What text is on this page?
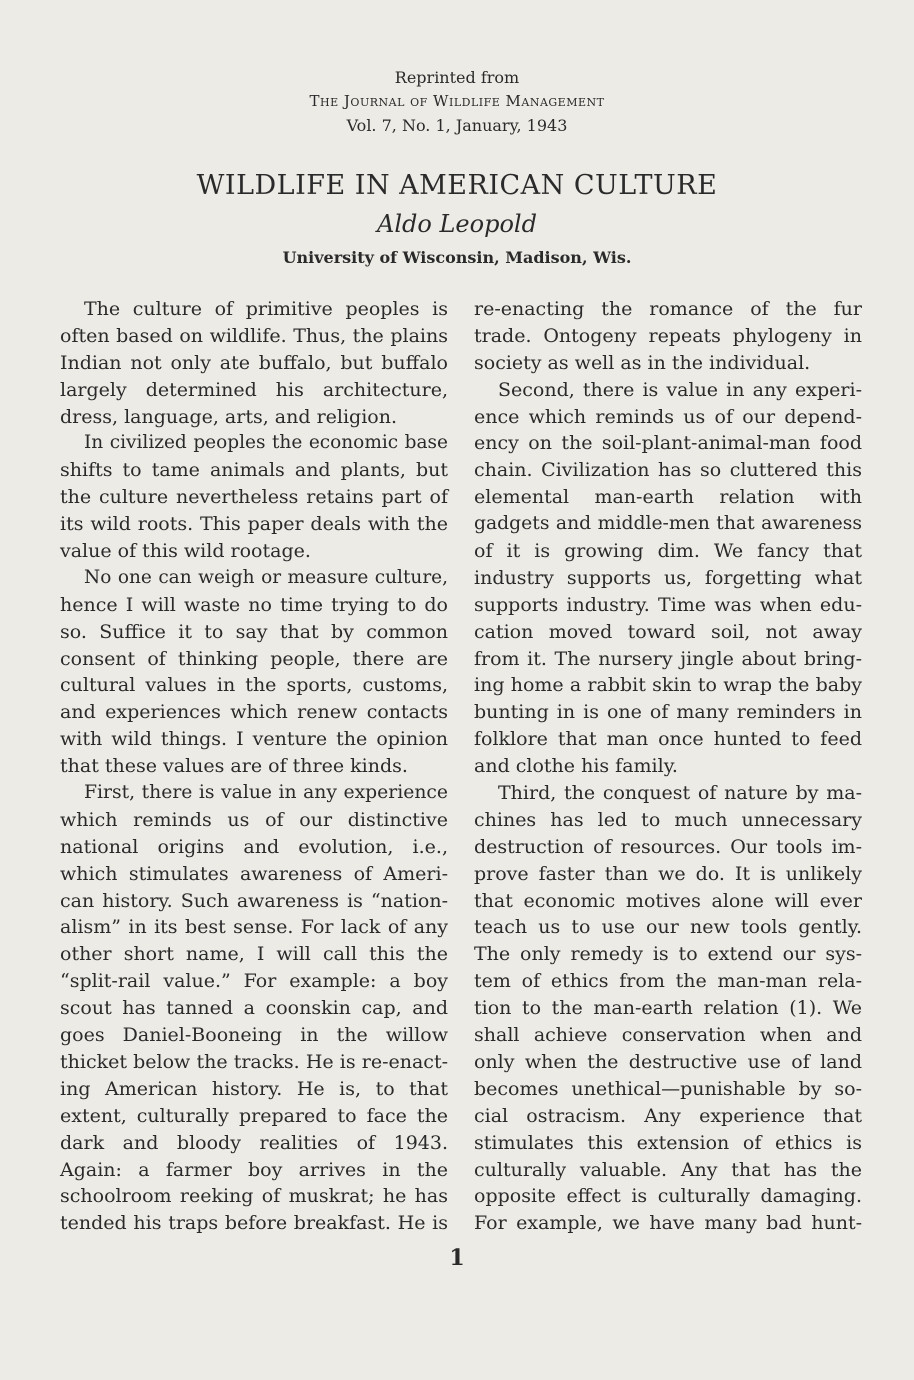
Reprinted from
The Journal of Wildlife Management
Vol. 7, No. 1, January, 1943
WILDLIFE IN AMERICAN CULTURE
Aldo Leopold
University of Wisconsin, Madison, Wis.
The culture of primitive peoples is
often based on wildlife. Thus, the plains
Indian not only ate buffalo, but buffalo
largely determined his architecture,
dress, language, arts, and religion.
In civilized peoples the economic base
shifts to tame animals and plants, but
the culture nevertheless retains part of
its wild roots. This paper deals with the
value of this wild rootage.
No one can weigh or measure culture,
hence I will waste no time trying to do
so. Suffice it to say that by common
consent of thinking people, there are
cultural values in the sports, customs,
and experiences which renew contacts
with wild things. I venture the opinion
that these values are of three kinds.
First, there is value in any experience
which reminds us of our distinctive
national origins and evolution, i.e.,
which stimulates awareness of Ameri-
can history. Such awareness is “nation-
alism” in its best sense. For lack of any
other short name, I will call this the
“split-rail value.” For example: a boy
scout has tanned a coonskin cap, and
goes Daniel-Booneing in the willow
thicket below the tracks. He is re-enact-
ing American history. He is, to that
extent, culturally prepared to face the
dark and bloody realities of 1943.
Again: a farmer boy arrives in the
schoolroom reeking of muskrat; he has
tended his traps before breakfast. He is
re-enacting the romance of the fur
trade. Ontogeny repeats phylogeny in
society as well as in the individual.
Second, there is value in any experi-
ence which reminds us of our depend-
ency on the soil-plant-animal-man food
chain. Civilization has so cluttered this
elemental man-earth relation with
gadgets and middle-men that awareness
of it is growing dim. We fancy that
industry supports us, forgetting what
supports industry. Time was when edu-
cation moved toward soil, not away
from it. The nursery jingle about bring-
ing home a rabbit skin to wrap the baby
bunting in is one of many reminders in
folklore that man once hunted to feed
and clothe his family.
Third, the conquest of nature by ma-
chines has led to much unnecessary
destruction of resources. Our tools im-
prove faster than we do. It is unlikely
that economic motives alone will ever
teach us to use our new tools gently.
The only remedy is to extend our sys-
tem of ethics from the man-man rela-
tion to the man-earth relation (1). We
shall achieve conservation when and
only when the destructive use of land
becomes unethical—punishable by so-
cial ostracism. Any experience that
stimulates this extension of ethics is
culturally valuable. Any that has the
opposite effect is culturally damaging.
For example, we have many bad hunt-
1
